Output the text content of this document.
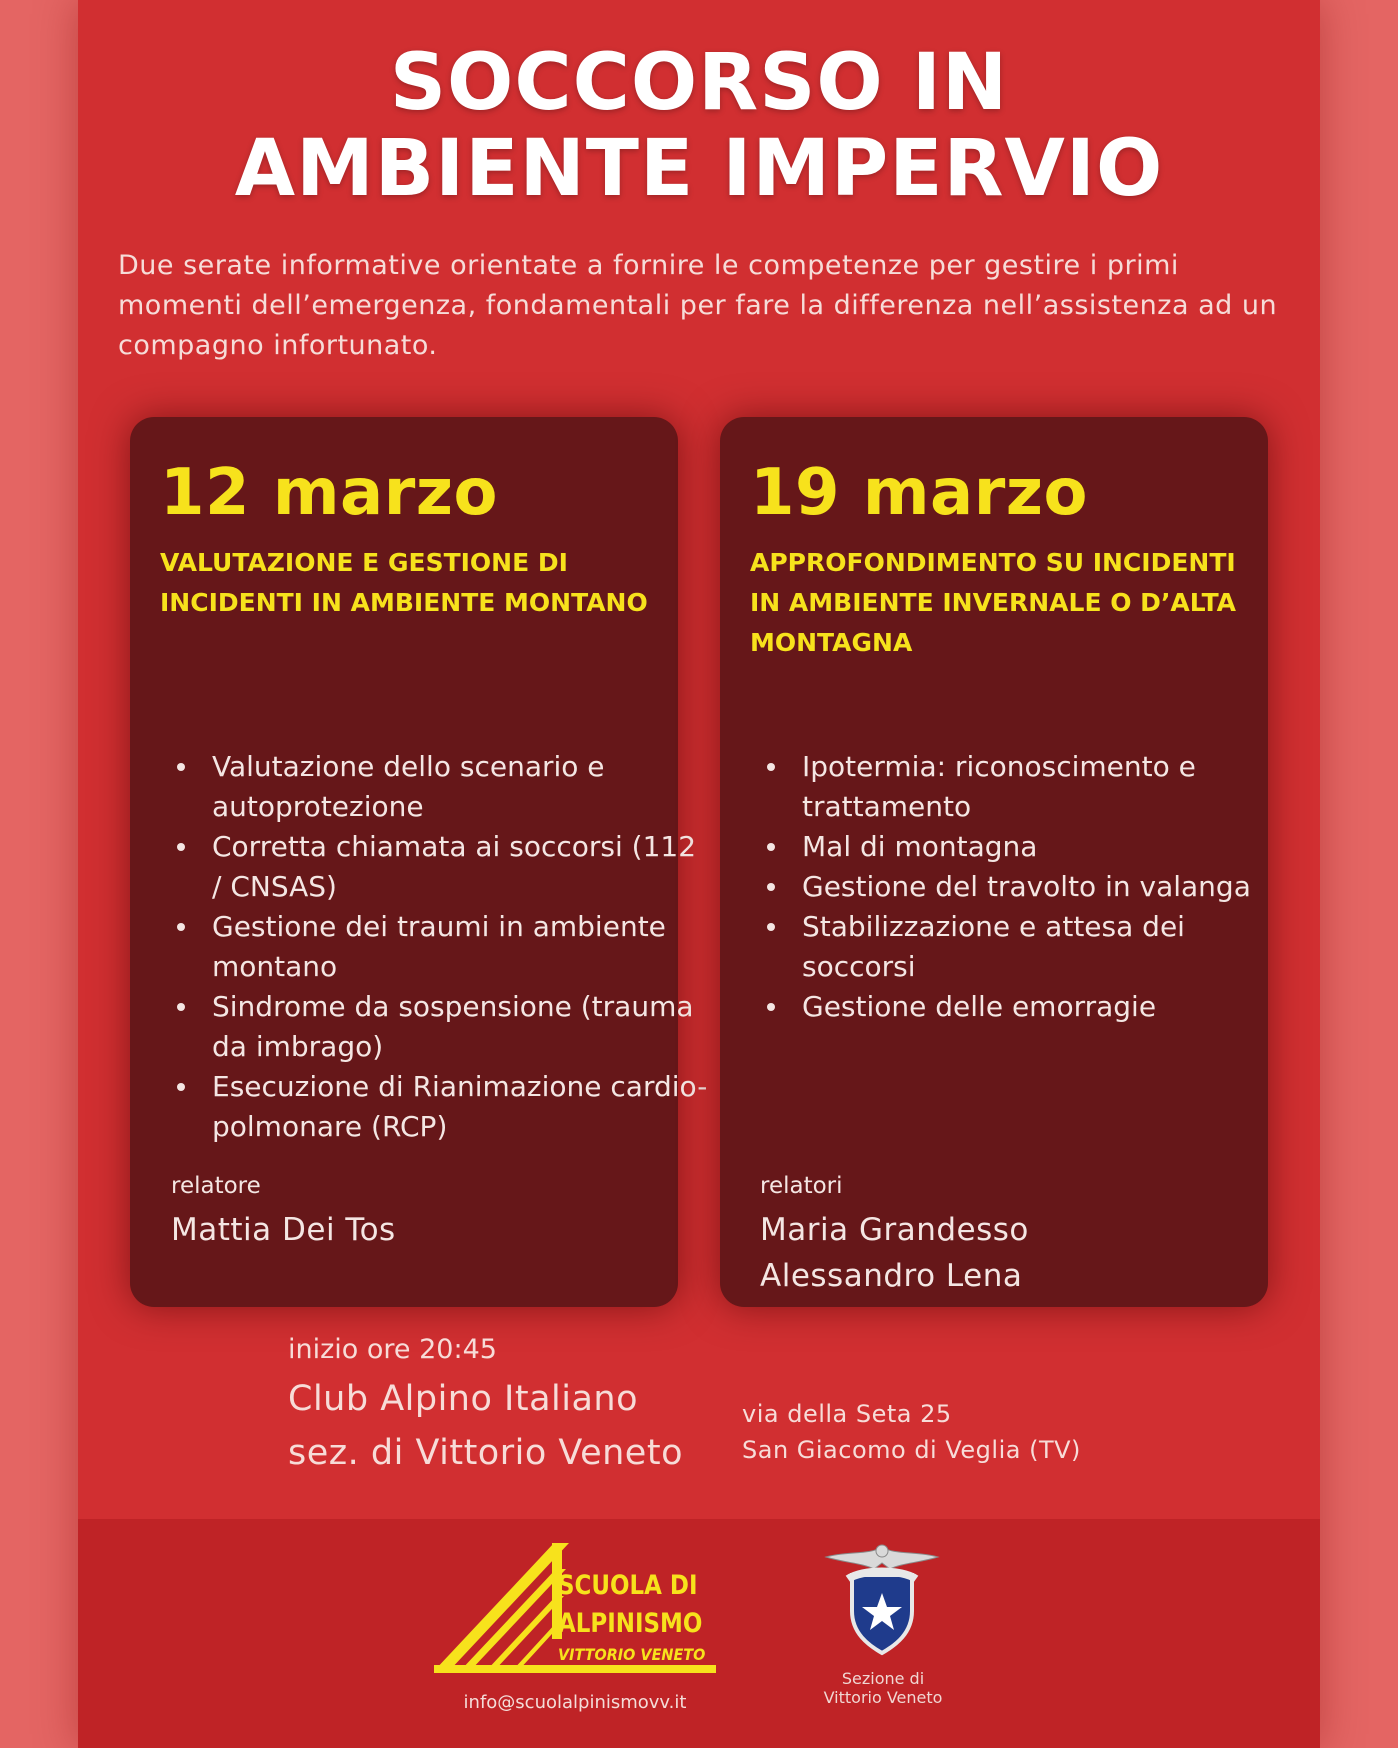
SOCCORSO IN
AMBIENTE IMPERVIO
Due serate informative orientate a fornire le competenze per gestire i primi momenti dell’emergenza, fondamentali per fare la differenza nell’assistenza ad un compagno infortunato.
12 marzo
VALUTAZIONE E GESTIONE DI INCIDENTI IN AMBIENTE MONTANO
Valutazione dello scenario e autoprotezione
Corretta chiamata ai soccorsi (112 / CNSAS)
Gestione dei traumi in ambiente montano
Sindrome da sospensione (trauma da imbrago)
Esecuzione di Rianimazione cardio-polmonare (RCP)
relatore
Mattia Dei Tos
19 marzo
APPROFONDIMENTO SU INCIDENTI IN AMBIENTE INVERNALE O D’ALTA MONTAGNA
Ipotermia: riconoscimento e trattamento
Mal di montagna
Gestione del travolto in valanga
Stabilizzazione e attesa dei soccorsi
Gestione delle emorragie
relatori
Maria Grandesso
Alessandro Lena
inizio ore 20:45
Club Alpino Italiano
sez. di Vittorio Veneto
via della Seta 25
San Giacomo di Veglia (TV)
SCUOLA DI
ALPINISMO
VITTORIO VENETO
info@scuolalpinismovv.it
Sezione di
Vittorio Veneto
